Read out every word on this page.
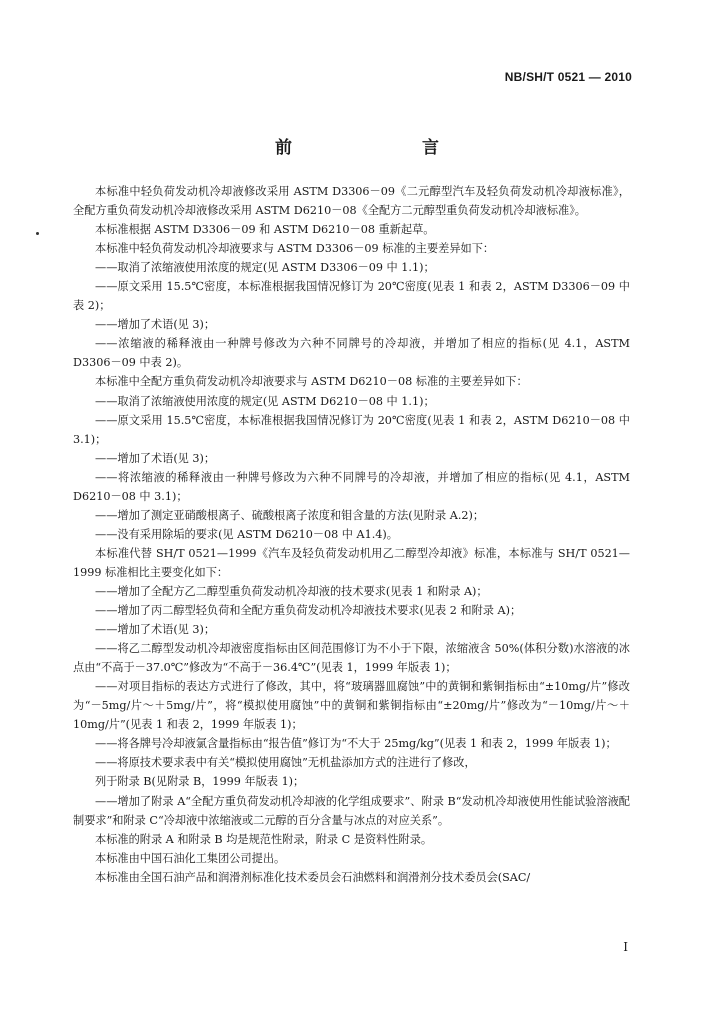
NB/SH/T 0521 — 2010
前　　言

本标准中轻负荷发动机冷却液修改采用 ASTM D3306－09《二元醇型汽车及轻负荷发动机冷却液标准》，全配方重负荷发动机冷却液修改采用 ASTM D6210－08《全配方二元醇型重负荷发动机冷却液标准》。

本标准根据 ASTM D3306－09 和 ASTM D6210－08 重新起草。

本标准中轻负荷发动机冷却液要求与 ASTM D3306－09 标准的主要差异如下：

——取消了浓缩液使用浓度的规定(见 ASTM D3306－09 中 1.1)；

——原文采用 15.5℃密度，本标准根据我国情况修订为 20℃密度(见表 1 和表 2，ASTM D3306－09 中表 2)；

——增加了术语(见 3)；

——浓缩液的稀释液由一种牌号修改为六种不同牌号的冷却液，并增加了相应的指标(见 4.1，ASTM D3306－09 中表 2)。

本标准中全配方重负荷发动机冷却液要求与 ASTM D6210－08 标准的主要差异如下：

——取消了浓缩液使用浓度的规定(见 ASTM D6210－08 中 1.1)；

——原文采用 15.5℃密度，本标准根据我国情况修订为 20℃密度(见表 1 和表 2，ASTM D6210－08 中 3.1)；

——增加了术语(见 3)；

——将浓缩液的稀释液由一种牌号修改为六种不同牌号的冷却液，并增加了相应的指标(见 4.1，ASTM D6210－08 中 3.1)；

——增加了测定亚硝酸根离子、硫酸根离子浓度和钼含量的方法(见附录 A.2)；

——没有采用除垢的要求(见 ASTM D6210－08 中 A1.4)。

本标准代替 SH/T 0521—1999《汽车及轻负荷发动机用乙二醇型冷却液》标准，本标准与 SH/T 0521—1999 标准相比主要变化如下：

——增加了全配方乙二醇型重负荷发动机冷却液的技术要求(见表 1 和附录 A)；

——增加了丙二醇型轻负荷和全配方重负荷发动机冷却液技术要求(见表 2 和附录 A)；

——增加了术语(见 3)；

——将乙二醇型发动机冷却液密度指标由区间范围修订为不小于下限，浓缩液含 50%(体积分数)水溶液的冰点由“不高于－37.0℃”修改为“不高于－36.4℃”(见表 1，1999 年版表 1)；

——对项目指标的表达方式进行了修改，其中，将“玻璃器皿腐蚀”中的黄铜和紫铜指标由“±10mg/片”修改为“－5mg/片～＋5mg/片”，将“模拟使用腐蚀”中的黄铜和紫铜指标由“±20mg/片”修改为“－10mg/片～＋10mg/片”(见表 1 和表 2，1999 年版表 1)；

——将各牌号冷却液氯含量指标由“报告值”修订为“不大于 25mg/kg”(见表 1 和表 2，1999 年版表 1)；

——将原技术要求表中有关“模拟使用腐蚀”无机盐添加方式的注进行了修改，

列于附录 B(见附录 B，1999 年版表 1)；

——增加了附录 A“全配方重负荷发动机冷却液的化学组成要求”、附录 B“发动机冷却液使用性能试验溶液配制要求”和附录 C“冷却液中浓缩液或二元醇的百分含量与冰点的对应关系”。

本标准的附录 A 和附录 B 均是规范性附录，附录 C 是资料性附录。

本标准由中国石油化工集团公司提出。

本标准由全国石油产品和润滑剂标准化技术委员会石油燃料和润滑剂分技术委员会(SAC/

I
